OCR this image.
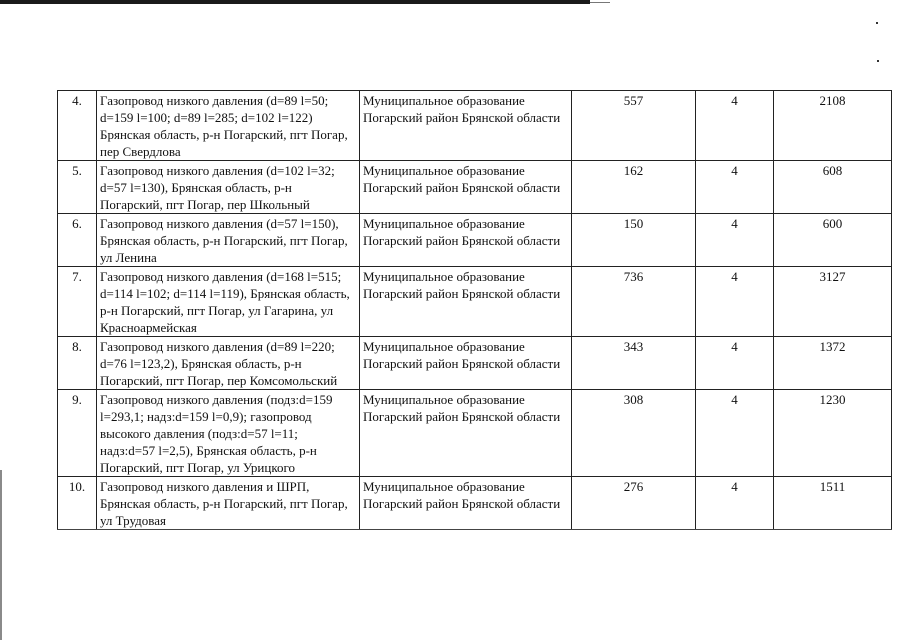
4.	Газопровод низкого давления (d=89 l=50; d=159 l=100; d=89 l=285; d=102 l=122) Брянская область, р-н Погарский, пгт Погар, пер Свердлова	Муниципальное образование Погарский район Брянской области	557	4	2108
5.	Газопровод низкого давления (d=102 l=32; d=57 l=130), Брянская область, р-н Погарский, пгт Погар, пер Школьный	Муниципальное образование Погарский район Брянской области	162	4	608
6.	Газопровод низкого давления (d=57 l=150), Брянская область, р-н Погарский, пгт Погар, ул Ленина	Муниципальное образование Погарский район Брянской области	150	4	600
7.	Газопровод низкого давления (d=168 l=515; d=114 l=102; d=114 l=119), Брянская область, р-н Погарский, пгт Погар, ул Гагарина, ул Красноармейская	Муниципальное образование Погарский район Брянской области	736	4	3127
8.	Газопровод низкого давления (d=89 l=220; d=76 l=123,2), Брянская область, р-н Погарский, пгт Погар, пер Комсомольский	Муниципальное образование Погарский район Брянской области	343	4	1372
9.	Газопровод низкого давления (подз:d=159 l=293,1; надз:d=159 l=0,9); газопровод высокого давления (подз:d=57 l=11; надз:d=57 l=2,5), Брянская область, р-н Погарский, пгт Погар, ул Урицкого	Муниципальное образование Погарский район Брянской области	308	4	1230
10.	Газопровод низкого давления и ШРП, Брянская область, р-н Погарский, пгт Погар, ул Трудовая	Муниципальное образование Погарский район Брянской области	276	4	1511
